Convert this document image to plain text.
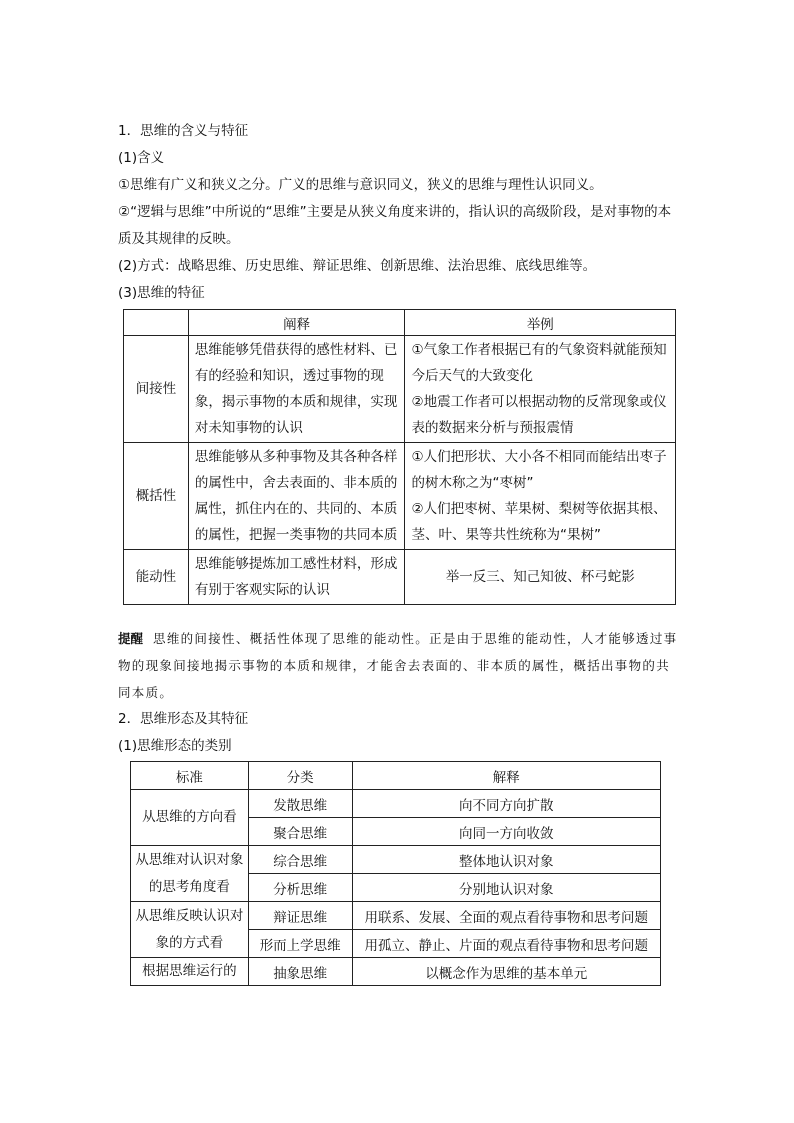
1．思维的含义与特征
(1)含义
①思维有广义和狭义之分。广义的思维与意识同义，狭义的思维与理性认识同义。
②“逻辑与思维”中所说的“思维”主要是从狭义角度来讲的，指认识的高级阶段，是对事物的本质及其规律的反映。
(2)方式：战略思维、历史思维、辩证思维、创新思维、法治思维、底线思维等。
(3)思维的特征
	阐释	举例
间接性	思维能够凭借获得的感性材料、已有的经验和知识，透过事物的现象，揭示事物的本质和规律，实现对未知事物的认识	①气象工作者根据已有的气象资料就能预知今后天气的大致变化
②地震工作者可以根据动物的反常现象或仪表的数据来分析与预报震情

概括性	思维能够从多种事物及其各种各样的属性中，舍去表面的、非本质的属性，抓住内在的、共同的、本质的属性，把握一类事物的共同本质	①人们把形状、大小各不相同而能结出枣子的树木称之为“枣树”
②人们把枣树、苹果树、梨树等依据其根、茎、叶、果等共性统称为“果树”

能动性	思维能够提炼加工感性材料，形成有别于客观实际的认识	举一反三、知己知彼、杯弓蛇影
提醒 思维的间接性、概括性体现了思维的能动性。正是由于思维的能动性，人才能够透过事物的现象间接地揭示事物的本质和规律，才能舍去表面的、非本质的属性，概括出事物的共同本质。
2．思维形态及其特征
(1)思维形态的类别
标准	分类	解释
从思维的方向看	发散思维	向不同方向扩散
	聚合思维	向同一方向收敛
从思维对认识对象的思考角度看	综合思维	整体地认识对象
	分析思维	分别地认识对象
从思维反映认识对象的方式看	辩证思维	用联系、发展、全面的观点看待事物和思考问题
	形而上学思维	用孤立、静止、片面的观点看待事物和思考问题
根据思维运行的	抽象思维	以概念作为思维的基本单元
